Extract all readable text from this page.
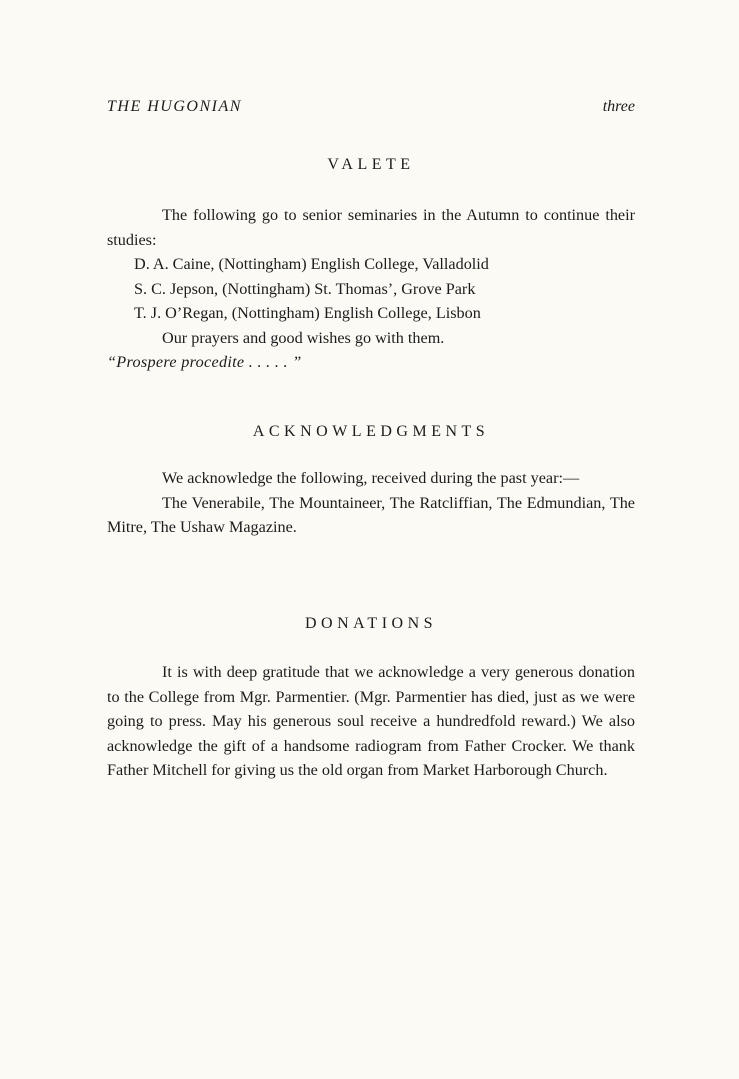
THE HUGONIAN	three
VALETE

The following go to senior seminaries in the Autumn to continue their studies:

D. A. Caine, (Nottingham) English College, Valladolid

S. C. Jepson, (Nottingham) St. Thomas’, Grove Park

T. J. O’Regan, (Nottingham) English College, Lisbon

Our prayers and good wishes go with them.

“Prospere procedite . . . . . ”

ACKNOWLEDGMENTS

We acknowledge the following, received during the past year:—

The Venerabile, The Mountaineer, The Ratcliffian, The Edmundian, The Mitre, The Ushaw Magazine.

DONATIONS

It is with deep gratitude that we acknowledge a very generous donation to the College from Mgr. Parmentier. (Mgr. Parmentier has died, just as we were going to press. May his generous soul receive a hundredfold reward.) We also acknowledge the gift of a handsome radiogram from Father Crocker. We thank Father Mitchell for giving us the old organ from Market Harborough Church.
